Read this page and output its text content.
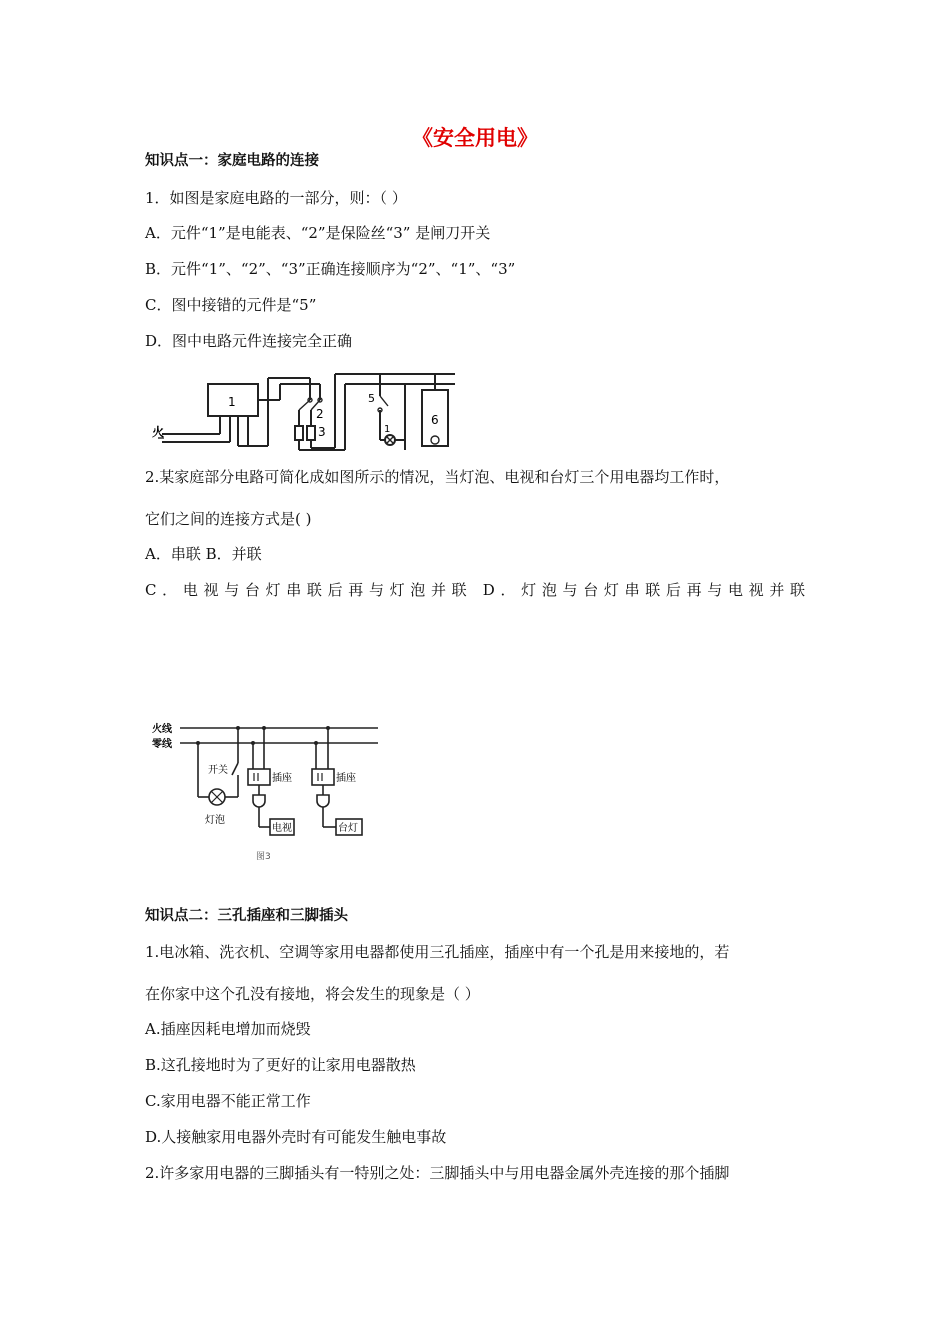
《安全用电》
知识点一：家庭电路的连接
1．如图是家庭电路的一部分，则：（ ）
A．元件“1”是电能表、“2”是保险丝“3” 是闸刀开关
B．元件“1”、“2”、“3”正确连接顺序为“2”、“1”、“3”
C．图中接错的元件是“5”
D．图中电路元件连接完全正确
火
1
2
3
5
1
6
2.某家庭部分电路可简化成如图所示的情况，当灯泡、电视和台灯三个用电器均工作时，
它们之间的连接方式是( )
A．串联 B．并联
C．电视与台灯串联后再与灯泡并联 D．灯泡与台灯串联后再与电视并联
火线
零线
开关
灯泡
插座	插座
电视	台灯
图3
知识点二：三孔插座和三脚插头
1.电冰箱、洗衣机、空调等家用电器都使用三孔插座，插座中有一个孔是用来接地的，若
在你家中这个孔没有接地，将会发生的现象是（ ）
A.插座因耗电增加而烧毁
B.这孔接地时为了更好的让家用电器散热
C.家用电器不能正常工作
D.人接触家用电器外壳时有可能发生触电事故
2.许多家用电器的三脚插头有一特别之处：三脚插头中与用电器金属外壳连接的那个插脚
